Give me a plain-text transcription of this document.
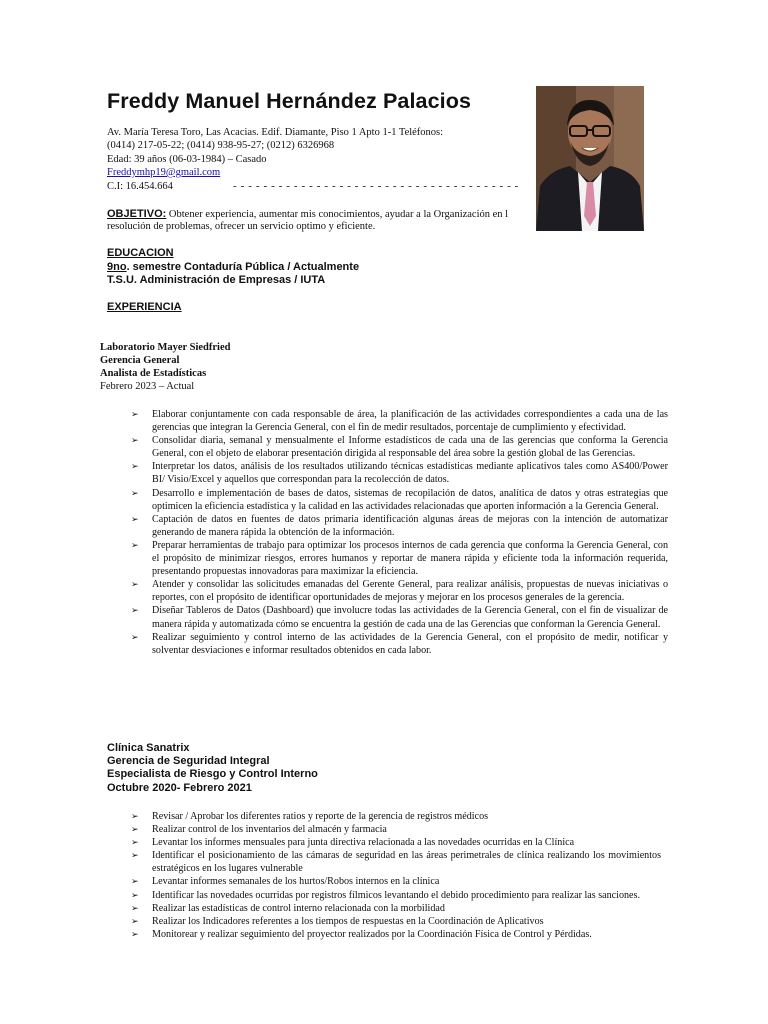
Freddy Manuel Hernández Palacios
Av. María Teresa Toro, Las Acacias. Edif. Diamante, Piso 1 Apto 1-1 Teléfonos:
(0414) 217-05-22; (0414) 938-95-27; (0212) 6326968
Edad: 39 años (06-03-1984) – Casado
Freddymhp19@gmail.com
C.I: 16.454.664	- - - - - - - - - - - - - - - - - - - - - - - - - - - - - - - - - - - - - -
OBJETIVO: Obtener experiencia, aumentar mis conocimientos, ayudar a la Organización en l
resolución de problemas, ofrecer un servicio optimo y eficiente.
EDUCACION
9no. semestre Contaduría Pública / Actualmente
T.S.U. Administración de Empresas / IUTA
EXPERIENCIA
Laboratorio Mayer Siedfried
Gerencia General
Analista de Estadísticas
Febrero 2023 – Actual
➢ Elaborar conjuntamente con cada responsable de área, la planificación de las actividades correspondientes a cada una de las gerencias que integran la Gerencia General, con el fin de medir resultados, porcentaje de cumplimiento y efectividad.
➢ Consolidar diaria, semanal y mensualmente el Informe estadísticos de cada una de las gerencias que conforma la Gerencia General, con el objeto de elaborar presentación dirigida al responsable del área sobre la gestión global de las Gerencias.
➢ Interpretar los datos, análisis de los resultados utilizando técnicas estadísticas mediante aplicativos tales como AS400/Power BI/ Visio/Excel y aquellos que correspondan para la recolección de datos.
➢ Desarrollo e implementación de bases de datos, sistemas de recopilación de datos, analítica de datos y otras estrategias que optimicen la eficiencia estadística y la calidad en las actividades relacionadas que aporten información a la Gerencia General.
➢ Captación de datos en fuentes de datos primaria identificación algunas áreas de mejoras con la intención de automatizar generando de manera rápida la obtención de la información.
➢ Preparar herramientas de trabajo para optimizar los procesos internos de cada gerencia que conforma la Gerencia General, con el propósito de minimizar riesgos, errores humanos y reportar de manera rápida y eficiente toda la información requerida, presentando propuestas innovadoras para maximizar la eficiencia.
➢ Atender y consolidar las solicitudes emanadas del Gerente General, para realizar análisis, propuestas de nuevas iniciativas o reportes, con el propósito de identificar oportunidades de mejoras y mejorar en los procesos generales de la gerencia.
➢ Diseñar Tableros de Datos (Dashboard) que involucre todas las actividades de la Gerencia General, con el fin de visualizar de manera rápida y automatizada cómo se encuentra la gestión de cada una de las Gerencias que conforman la Gerencia General.
➢ Realizar seguimiento y control interno de las actividades de la Gerencia General, con el propósito de medir, notificar y solventar desviaciones e informar resultados obtenidos en cada labor.
Clínica Sanatrix
Gerencia de Seguridad Integral
Especialista de Riesgo y Control Interno
Octubre 2020- Febrero 2021
➢ Revisar / Aprobar los diferentes ratios y reporte de la gerencia de registros médicos
➢ Realizar control de los inventarios del almacén y farmacia
➢ Levantar los informes mensuales para junta directiva relacionada a las novedades ocurridas en la Clínica
➢ Identificar el posicionamiento de las cámaras de seguridad en las áreas perimetrales de clínica realizando los movimientos estratégicos en los lugares vulnerable
➢ Levantar informes semanales de los hurtos/Robos internos en la clínica
➢ Identificar las novedades ocurridas por registros fílmicos levantando el debido procedimiento para realizar las sanciones.
➢ Realizar las estadísticas de control interno relacionada con la morbilidad
➢ Realizar los Indicadores referentes a los tiempos de respuestas en la Coordinación de Aplicativos
➢ Monitorear y realizar seguimiento del proyector realizados por la Coordinación Física de Control y Pérdidas.
